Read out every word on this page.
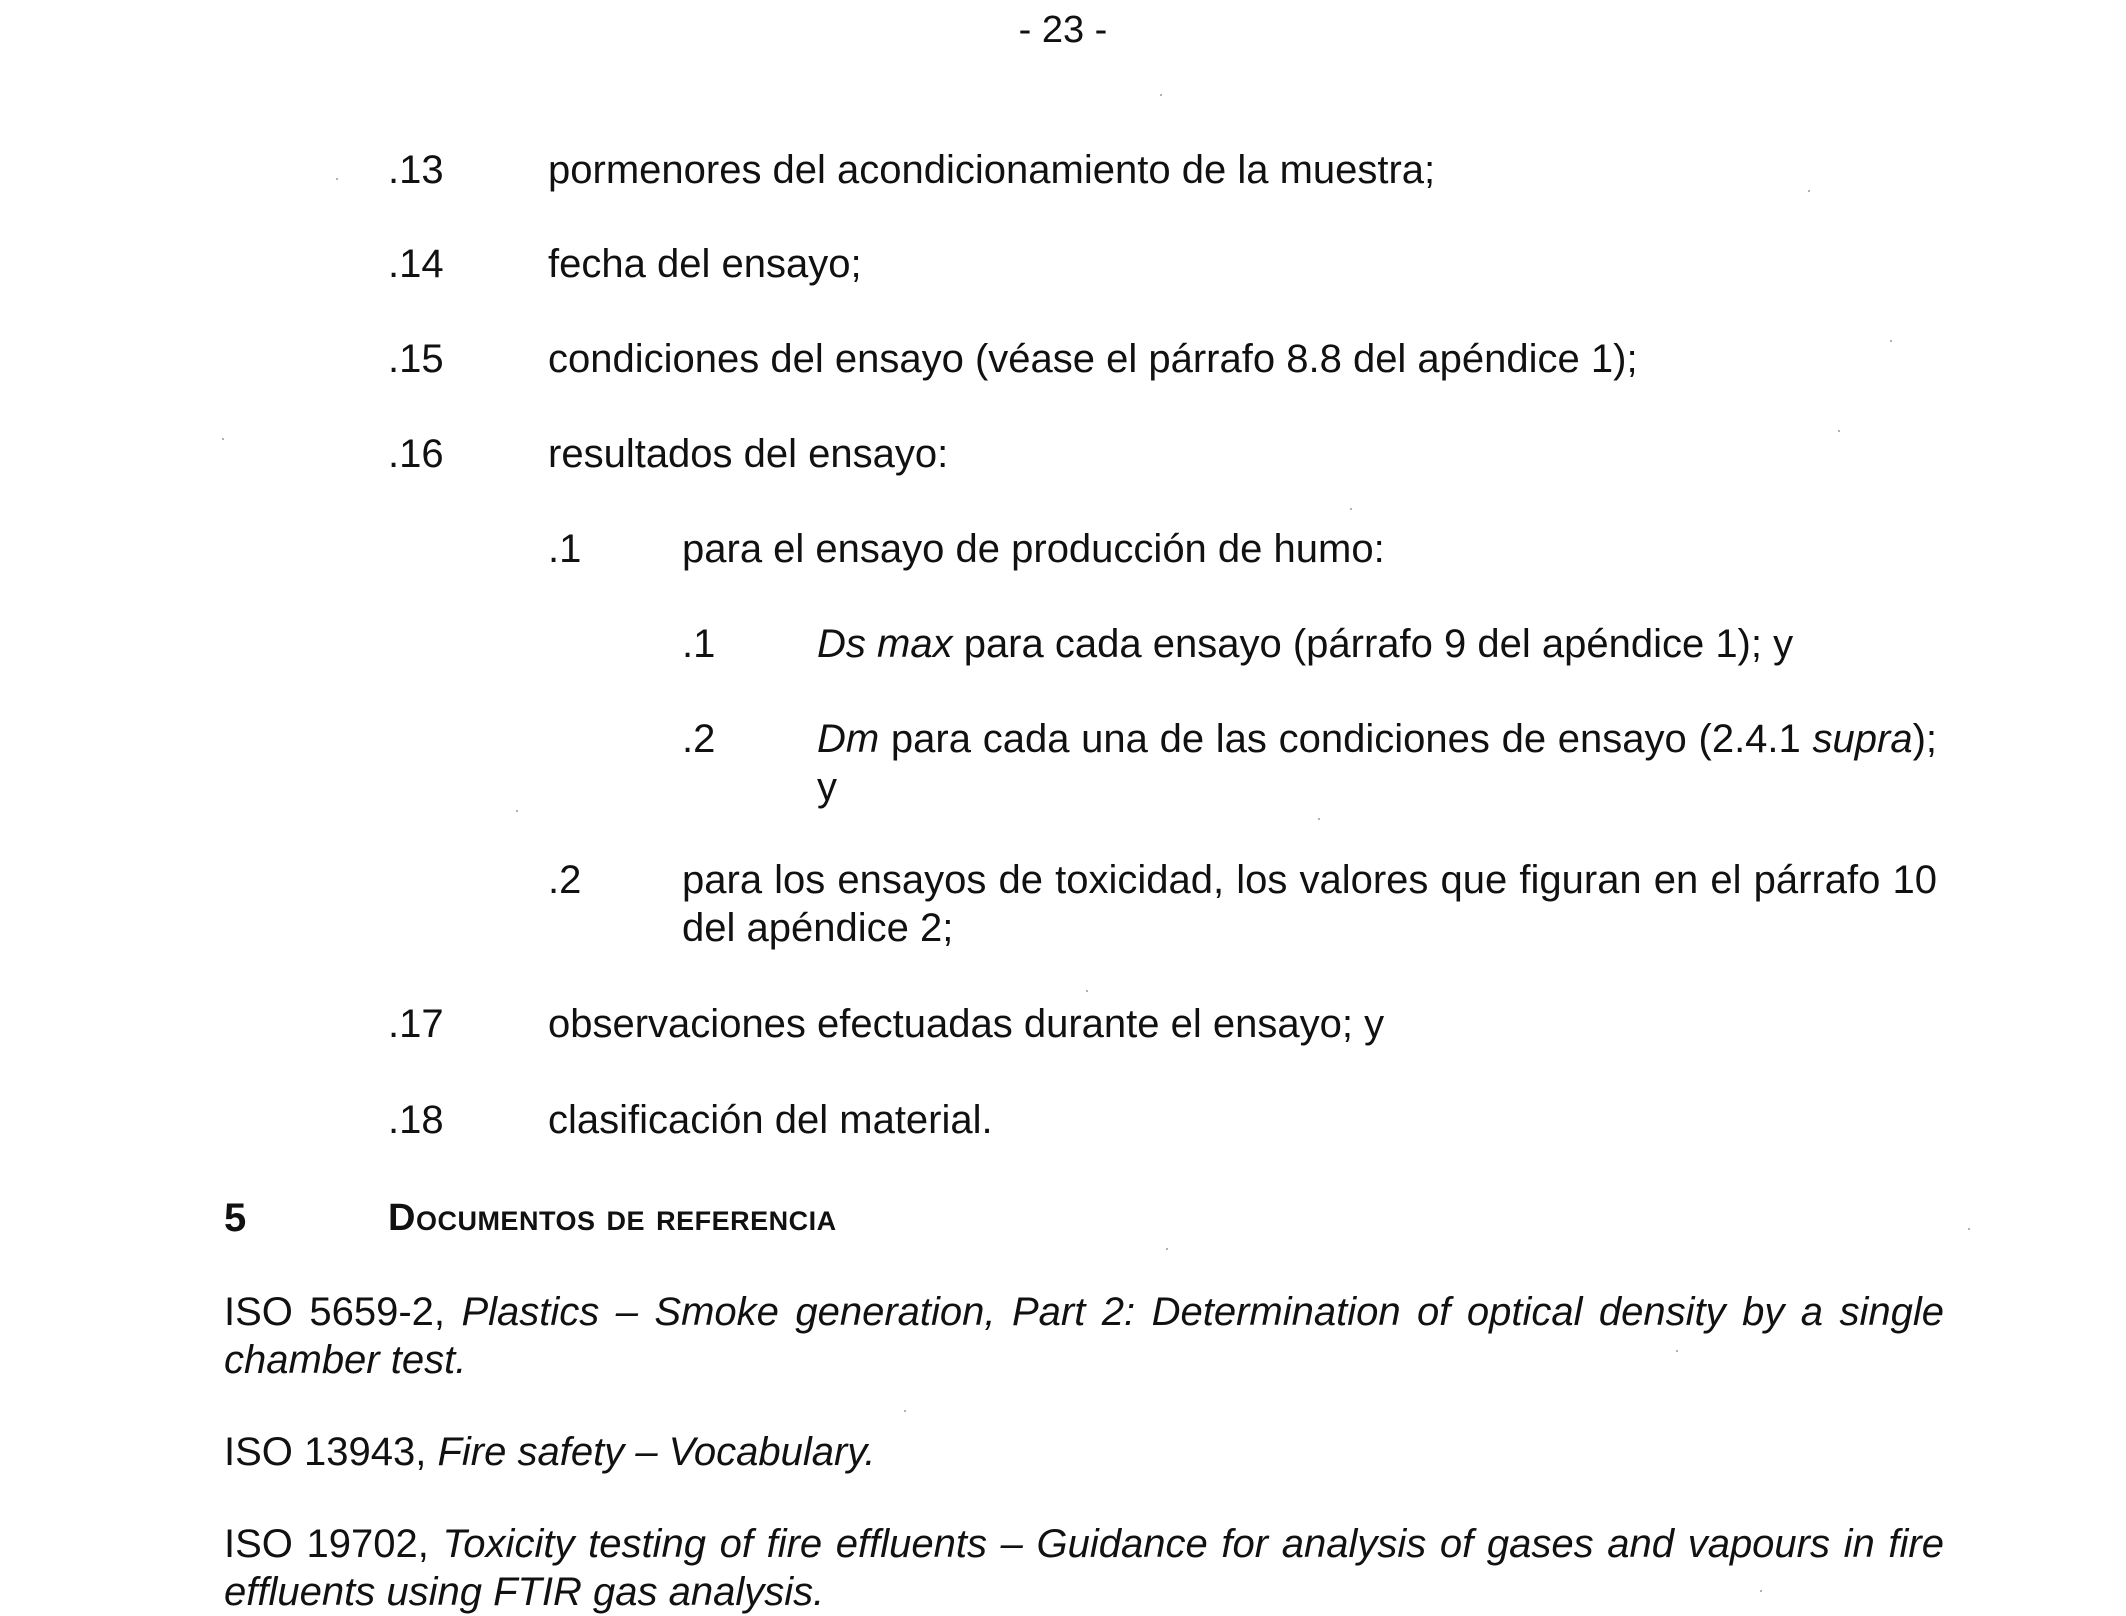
- 23 -
.13	pormenores del acondicionamiento de la muestra;
.14	fecha del ensayo;
.15	condiciones del ensayo (véase el párrafo 8.8 del apéndice 1);
.16	resultados del ensayo:
.1	para el ensayo de producción de humo:
.1	Ds max para cada ensayo (párrafo 9 del apéndice 1); y
.2	Dm para cada una de las condiciones de ensayo (2.4.1 supra); y
.2	para los ensayos de toxicidad, los valores que figuran en el párrafo 10 del apéndice 2;
.17	observaciones efectuadas durante el ensayo; y
.18	clasificación del material.
5	Documentos de referencia
ISO 5659-2, Plastics – Smoke generation, Part 2: Determination of optical density by a single chamber test.
ISO 13943, Fire safety – Vocabulary.
ISO 19702, Toxicity testing of fire effluents – Guidance for analysis of gases and vapours in fire effluents using FTIR gas analysis.
